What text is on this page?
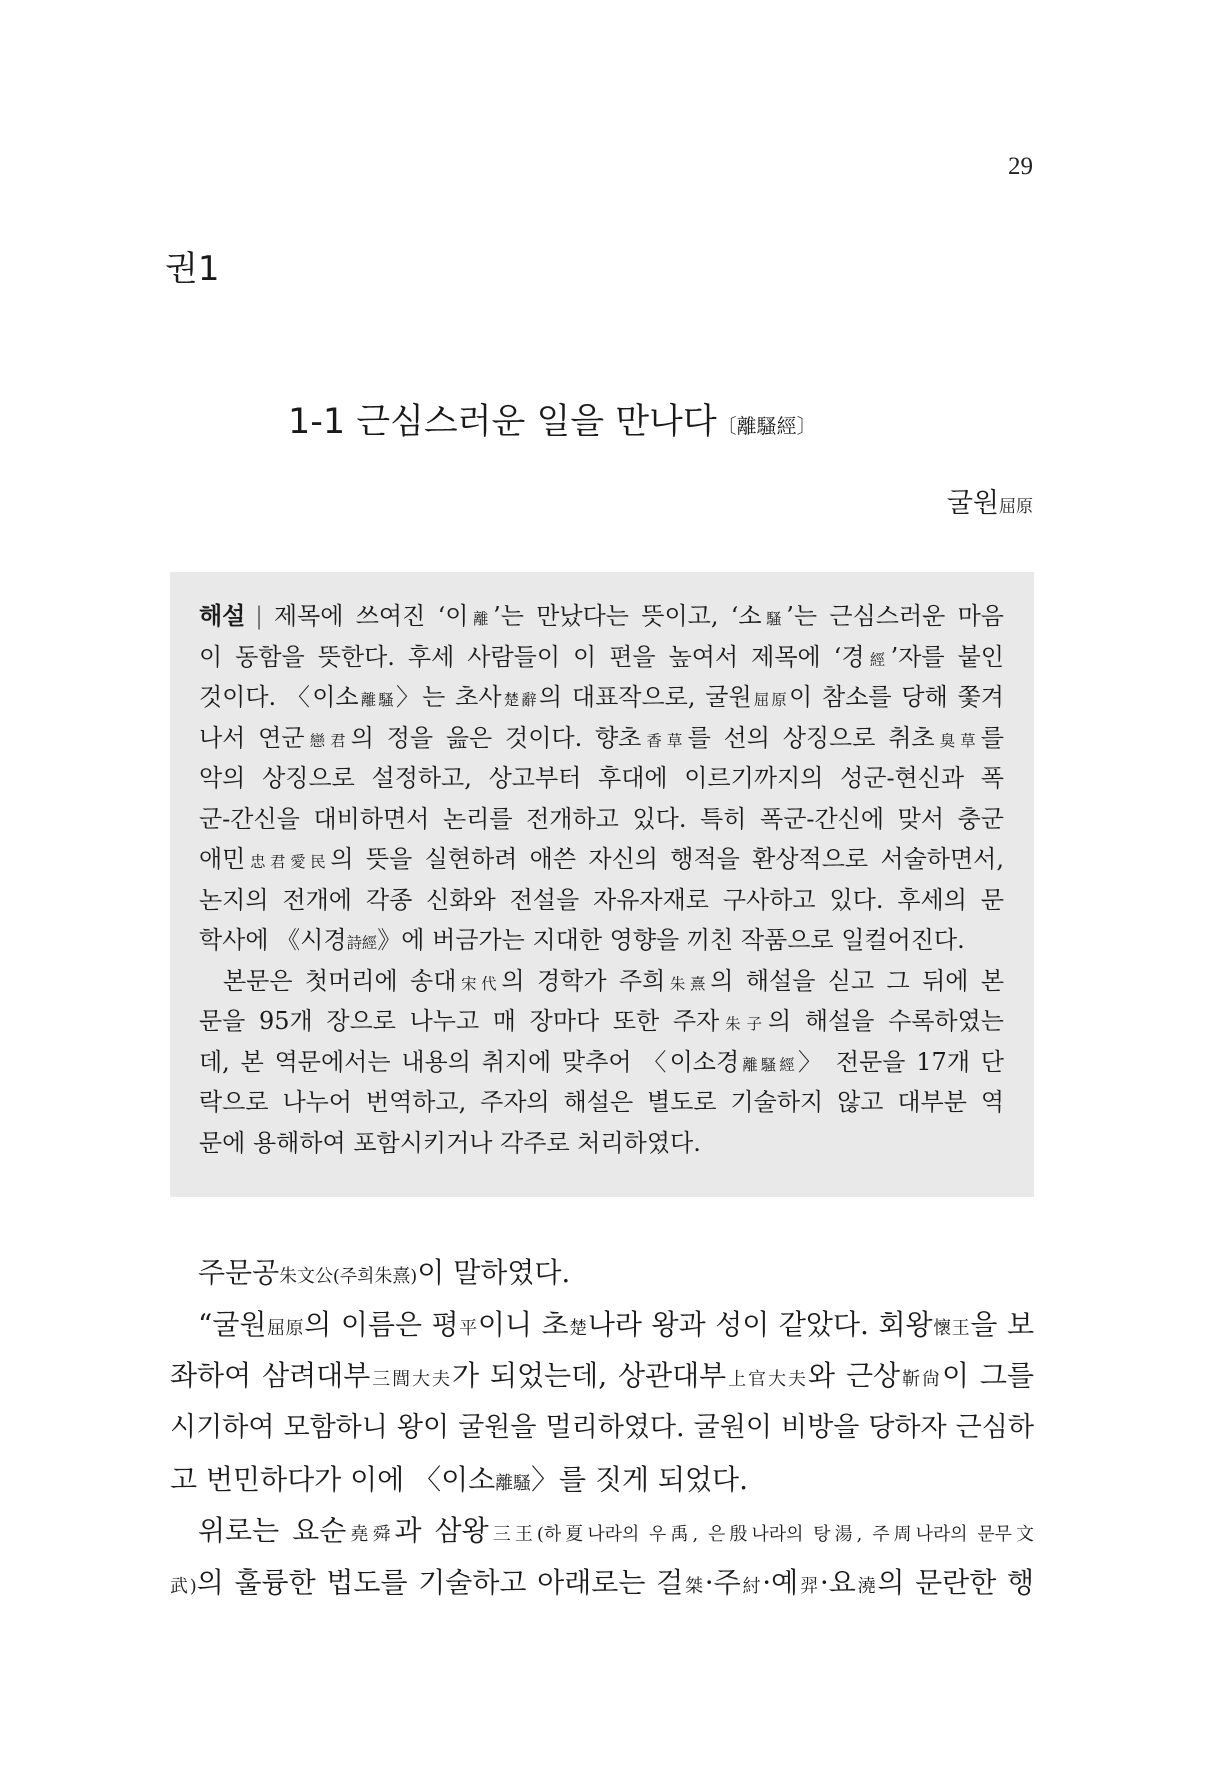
29
권1
1-1 근심스러운 일을 만나다〔離騷經〕
굴원屈原
해설 | 제목에 쓰여진 ‘이離’는 만났다는 뜻이고, ‘소騷’는 근심스러운 마음
이 동함을 뜻한다. 후세 사람들이 이 편을 높여서 제목에 ‘경經’자를 붙인
것이다. 〈이소離騷〉는 초사楚辭의 대표작으로, 굴원屈原이 참소를 당해 쫓겨
나서 연군戀君의 정을 읊은 것이다. 향초香草를 선의 상징으로 취초臭草를
악의 상징으로 설정하고, 상고부터 후대에 이르기까지의 성군-현신과 폭
군-간신을 대비하면서 논리를 전개하고 있다. 특히 폭군-간신에 맞서 충군
애민忠君愛民의 뜻을 실현하려 애쓴 자신의 행적을 환상적으로 서술하면서,
논지의 전개에 각종 신화와 전설을 자유자재로 구사하고 있다. 후세의 문
학사에 《시경詩經》에 버금가는 지대한 영향을 끼친 작품으로 일컬어진다.
본문은 첫머리에 송대宋代의 경학가 주희朱熹의 해설을 싣고 그 뒤에 본
문을 95개 장으로 나누고 매 장마다 또한 주자朱子의 해설을 수록하였는
데, 본 역문에서는 내용의 취지에 맞추어 〈이소경離騷經〉 전문을 17개 단
락으로 나누어 번역하고, 주자의 해설은 별도로 기술하지 않고 대부분 역
문에 용해하여 포함시키거나 각주로 처리하였다.
주문공朱文公(주희朱熹)이 말하였다.
“굴원屈原의 이름은 평平이니 초楚나라 왕과 성이 같았다. 회왕懷王을 보
좌하여 삼려대부三閭大夫가 되었는데, 상관대부上官大夫와 근상靳尙이 그를
시기하여 모함하니 왕이 굴원을 멀리하였다. 굴원이 비방을 당하자 근심하
고 번민하다가 이에 〈이소離騷〉를 짓게 되었다.
위로는 요순堯舜과 삼왕三王(하夏나라의 우禹, 은殷나라의 탕湯, 주周나라의 문무文
武)의 훌륭한 법도를 기술하고 아래로는 걸桀·주紂·예羿·요澆의 문란한 행
